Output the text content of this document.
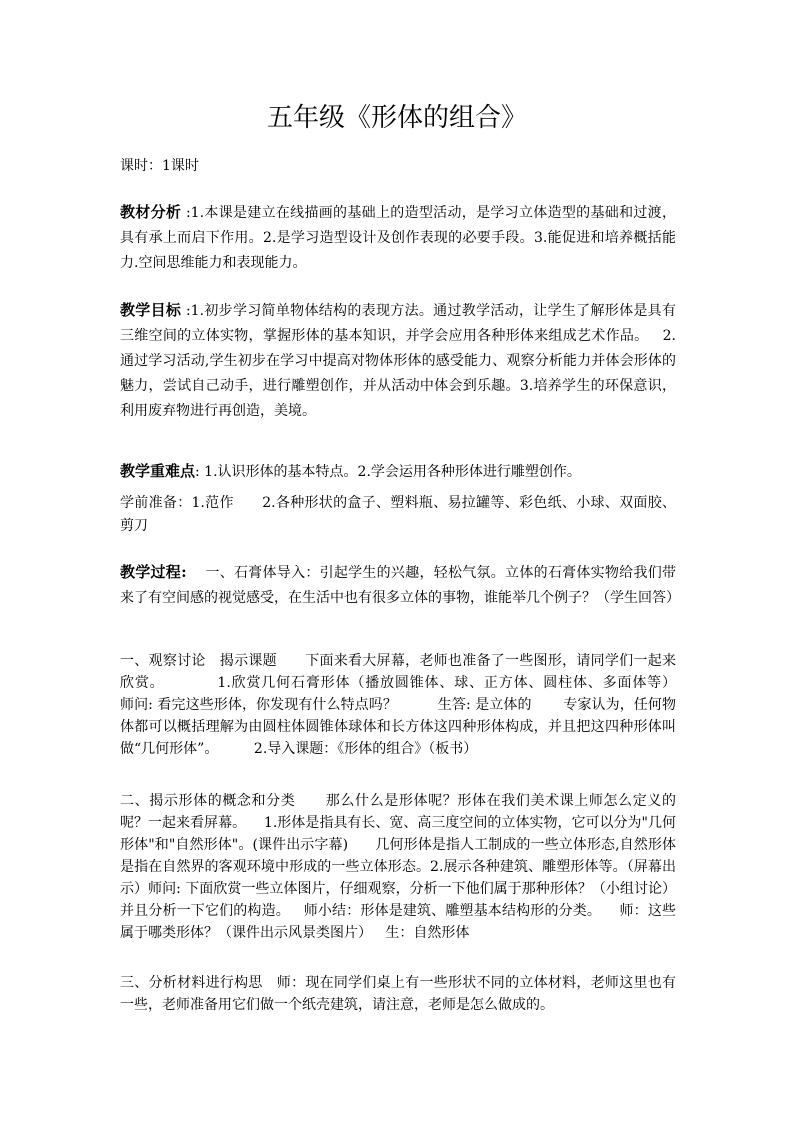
五年级《形体的组合》
课时：1课时
教材分析 :1.本课是建立在线描画的基础上的造型活动，是学习立体造型的基础和过渡，具有承上而启下作用。2.是学习造型设计及创作表现的必要手段。3.能促进和培养概括能力.空间思维能力和表现能力。
教学目标 :1.初步学习简单物体结构的表现方法。通过教学活动，让学生了解形体是具有三维空间的立体实物，掌握形体的基本知识，并学会应用各种形体来组成艺术作品。   2.通过学习活动,学生初步在学习中提高对物体形体的感受能力、观察分析能力并体会形体的魅力，尝试自己动手，进行雕塑创作，并从活动中体会到乐趣。3.培养学生的环保意识，利用废弃物进行再创造，美境。
教学重难点: 1.认识形体的基本特点。2.学会运用各种形体进行雕塑创作。
学前准备：1.范作      2.各种形状的盒子、塑料瓶、易拉罐等、彩色纸、小球、双面胶、剪刀
教学过程:    一、石膏体导入：引起学生的兴趣，轻松气氛。立体的石膏体实物给我们带来了有空间感的视觉感受，在生活中也有很多立体的事物，谁能举几个例子？（学生回答）
一、观察讨论   揭示课题      下面来看大屏幕，老师也准备了一些图形，请同学们一起来欣赏。          1.欣赏几何石膏形体（播放圆锥体、球、正方体、圆柱体、多面体等）        师问: 看完这些形体，你发现有什么特点吗？         生答: 是立体的       专家认为，任何物体都可以概括理解为由圆柱体圆锥体球体和长方体这四种形体构成，并且把这四种形体叫做“几何形体”。        2.导入课题：《形体的组合》（板书）
二、揭示形体的概念和分类      那么什么是形体呢？形体在我们美术课上师怎么定义的呢？一起来看屏幕。    1.形体是指具有长、宽、高三度空间的立体实物，它可以分为"几何形体"和"自然形体"。(课件出示字幕)      几何形体是指人工制成的一些立体形态,自然形体是指在自然界的客观环境中形成的一些立体形态。2.展示各种建筑、雕塑形体等。（屏幕出示）师问: 下面欣赏一些立体图片，仔细观察，分析一下他们属于那种形体？（小组讨论）并且分析一下它们的构造。   师小结：形体是建筑、雕塑基本结构形的分类。    师：这些属于哪类形体？（课件出示风景类图片）   生：自然形体
三、分析材料进行构思   师：现在同学们桌上有一些形状不同的立体材料，老师这里也有一些，老师准备用它们做一个纸壳建筑，请注意，老师是怎么做成的。
